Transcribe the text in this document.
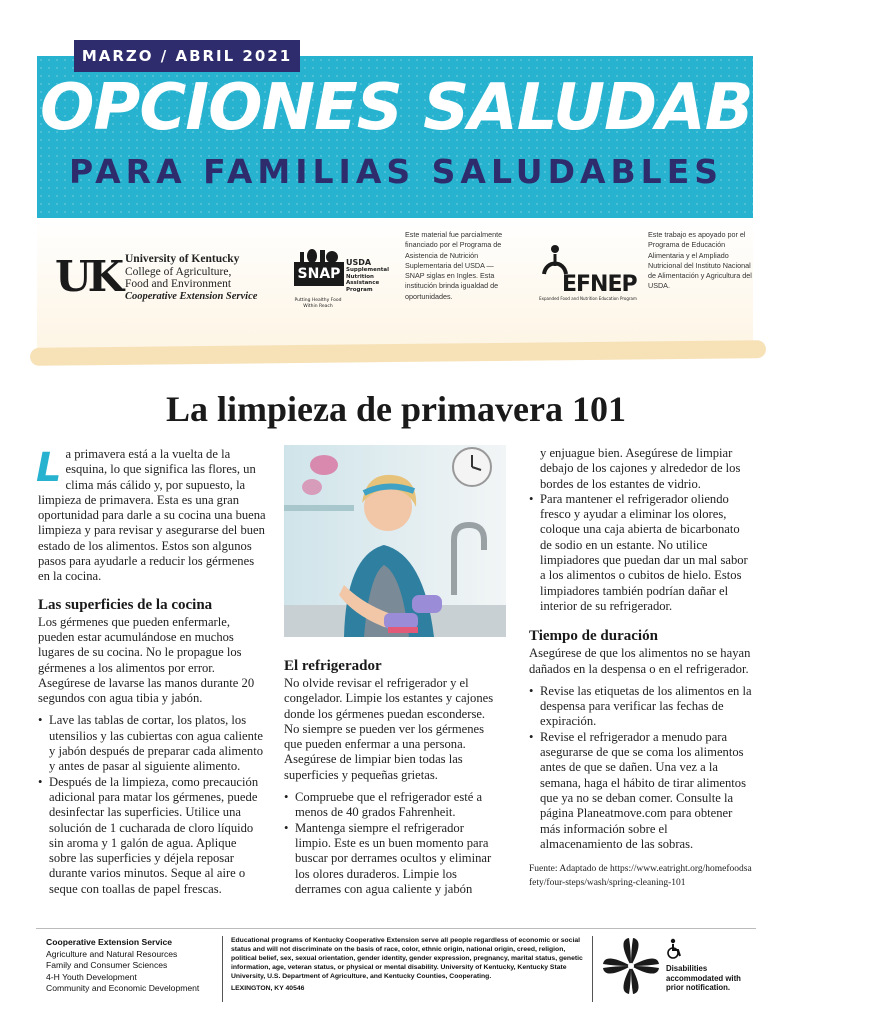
MARZO / ABRIL 2021
OPCIONES SALUDABLES
PARA FAMILIAS SALUDABLES
UK University of Kentucky
College of Agriculture,
Food and Environment
Cooperative Extension Service
SNAP
USDA
Supplemental Nutrition Assistance Program
Putting Healthy Food Within Reach
Este material fue parcialmente financiado por el Programa de Asistencia de Nutrición Suplementaria del USDA — SNAP siglas en Ingles. Esta institución brinda igualdad de oportunidades.	EFNEP
Expanded Food and Nutrition Education Program
Este trabajo es apoyado por el Programa de Educación Alimentaria y el Ampliado Nutricional del Instituto Nacional de Alimentación y Agricultura del USDA.
La limpieza de primavera 101

La primavera está a la vuelta de la esquina, lo que significa las flores, un clima más cálido y, por supuesto, la limpieza de primavera. Esta es una gran oportunidad para darle a su cocina una buena limpieza y para revisar y asegurarse del buen estado de los alimentos. Estos son algunos pasos para ayudarle a reducir los gérmenes en la cocina.

Las superficies de la cocina

Los gérmenes que pueden enfermarle, pueden estar acumulándose en muchos lugares de su cocina. No le propague los gérmenes a los alimentos por error. Asegúrese de lavarse las manos durante 20 segundos con agua tibia y jabón.

• Lave las tablas de cortar, los platos, los utensilios y las cubiertas con agua caliente y jabón después de preparar cada alimento y antes de pasar al siguiente alimento.
• Después de la limpieza, como precaución adicional para matar los gérmenes, puede desinfectar las superficies. Utilice una solución de 1 cucharada de cloro líquido sin aroma y 1 galón de agua. Aplique sobre las superficies y déjela reposar durante varios minutos. Seque al aire o seque con toallas de papel frescas.
El refrigerador

No olvide revisar el refrigerador y el congelador. Limpie los estantes y cajones donde los gérmenes puedan esconderse. No siempre se pueden ver los gérmenes que pueden enfermar a una persona. Asegúrese de limpiar bien todas las superficies y pequeñas grietas.

• Compruebe que el refrigerador esté a menos de 40 grados Fahrenheit.
• Mantenga siempre el refrigerador limpio. Este es un buen momento para buscar por derrames ocultos y eliminar los olores duraderos. Limpie los derrames con agua caliente y jabón

y enjuague bien. Asegúrese de limpiar debajo de los cajones y alrededor de los bordes de los estantes de vidrio.

• Para mantener el refrigerador oliendo fresco y ayudar a eliminar los olores, coloque una caja abierta de bicarbonato de sodio en un estante. No utilice limpiadores que puedan dar un mal sabor a los alimentos o cubitos de hielo. Estos limpiadores también podrían dañar el interior de su refrigerador.
Tiempo de duración

Asegúrese de que los alimentos no se hayan dañados en la despensa o en el refrigerador.

• Revise las etiquetas de los alimentos en la despensa para verificar las fechas de expiración.
• Revise el refrigerador a menudo para asegurarse de que se coma los alimentos antes de que se dañen. Una vez a la semana, haga el hábito de tirar alimentos que ya no se deban comer. Consulte la página Planeatmove.com para obtener más información sobre el almacenamiento de las sobras.

Fuente: Adaptado de https://www.eatright.org/homefoodsafety/four-steps/wash/spring-cleaning-101

Cooperative Extension Service
Agriculture and Natural Resources
Family and Consumer Sciences
4-H Youth Development
Community and Economic Development
Educational programs of Kentucky Cooperative Extension serve all people regardless of economic or social status and will not discriminate on the basis of race, color, ethnic origin, national origin, creed, religion, political belief, sex, sexual orientation, gender identity, gender expression, pregnancy, marital status, genetic information, age, veteran status, or physical or mental disability. University of Kentucky, Kentucky State University, U.S. Department of Agriculture, and Kentucky Counties, Cooperating.
LEXINGTON, KY 40546
Disabilities accommodated with prior notification.
